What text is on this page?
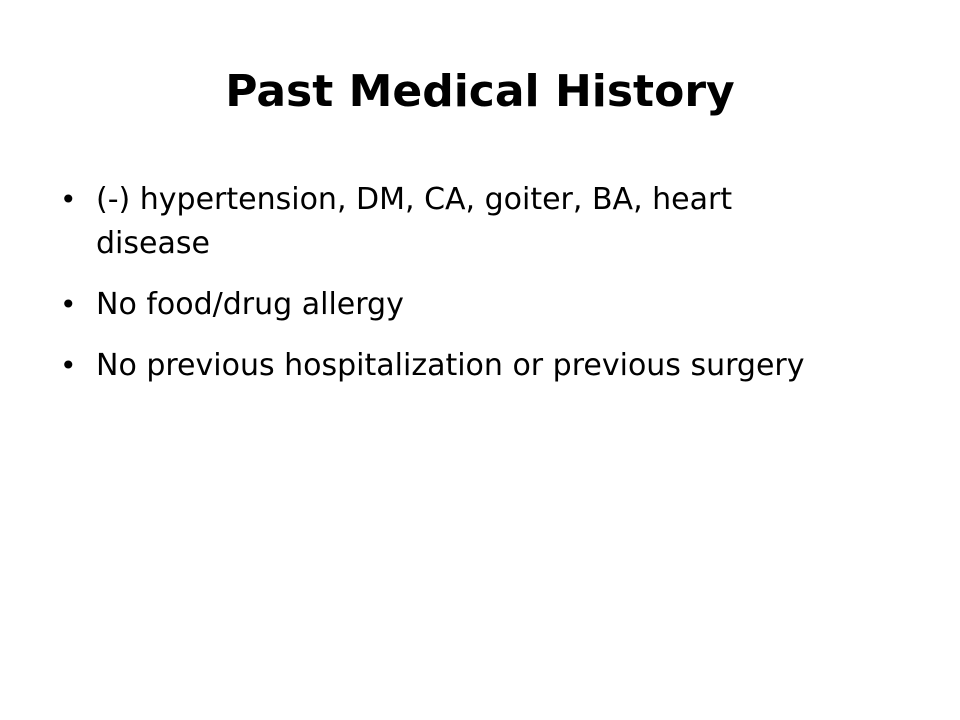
Past Medical History
• (-) hypertension, DM, CA, goiter, BA, heart disease
• No food/drug allergy
• No previous hospitalization or previous surgery
